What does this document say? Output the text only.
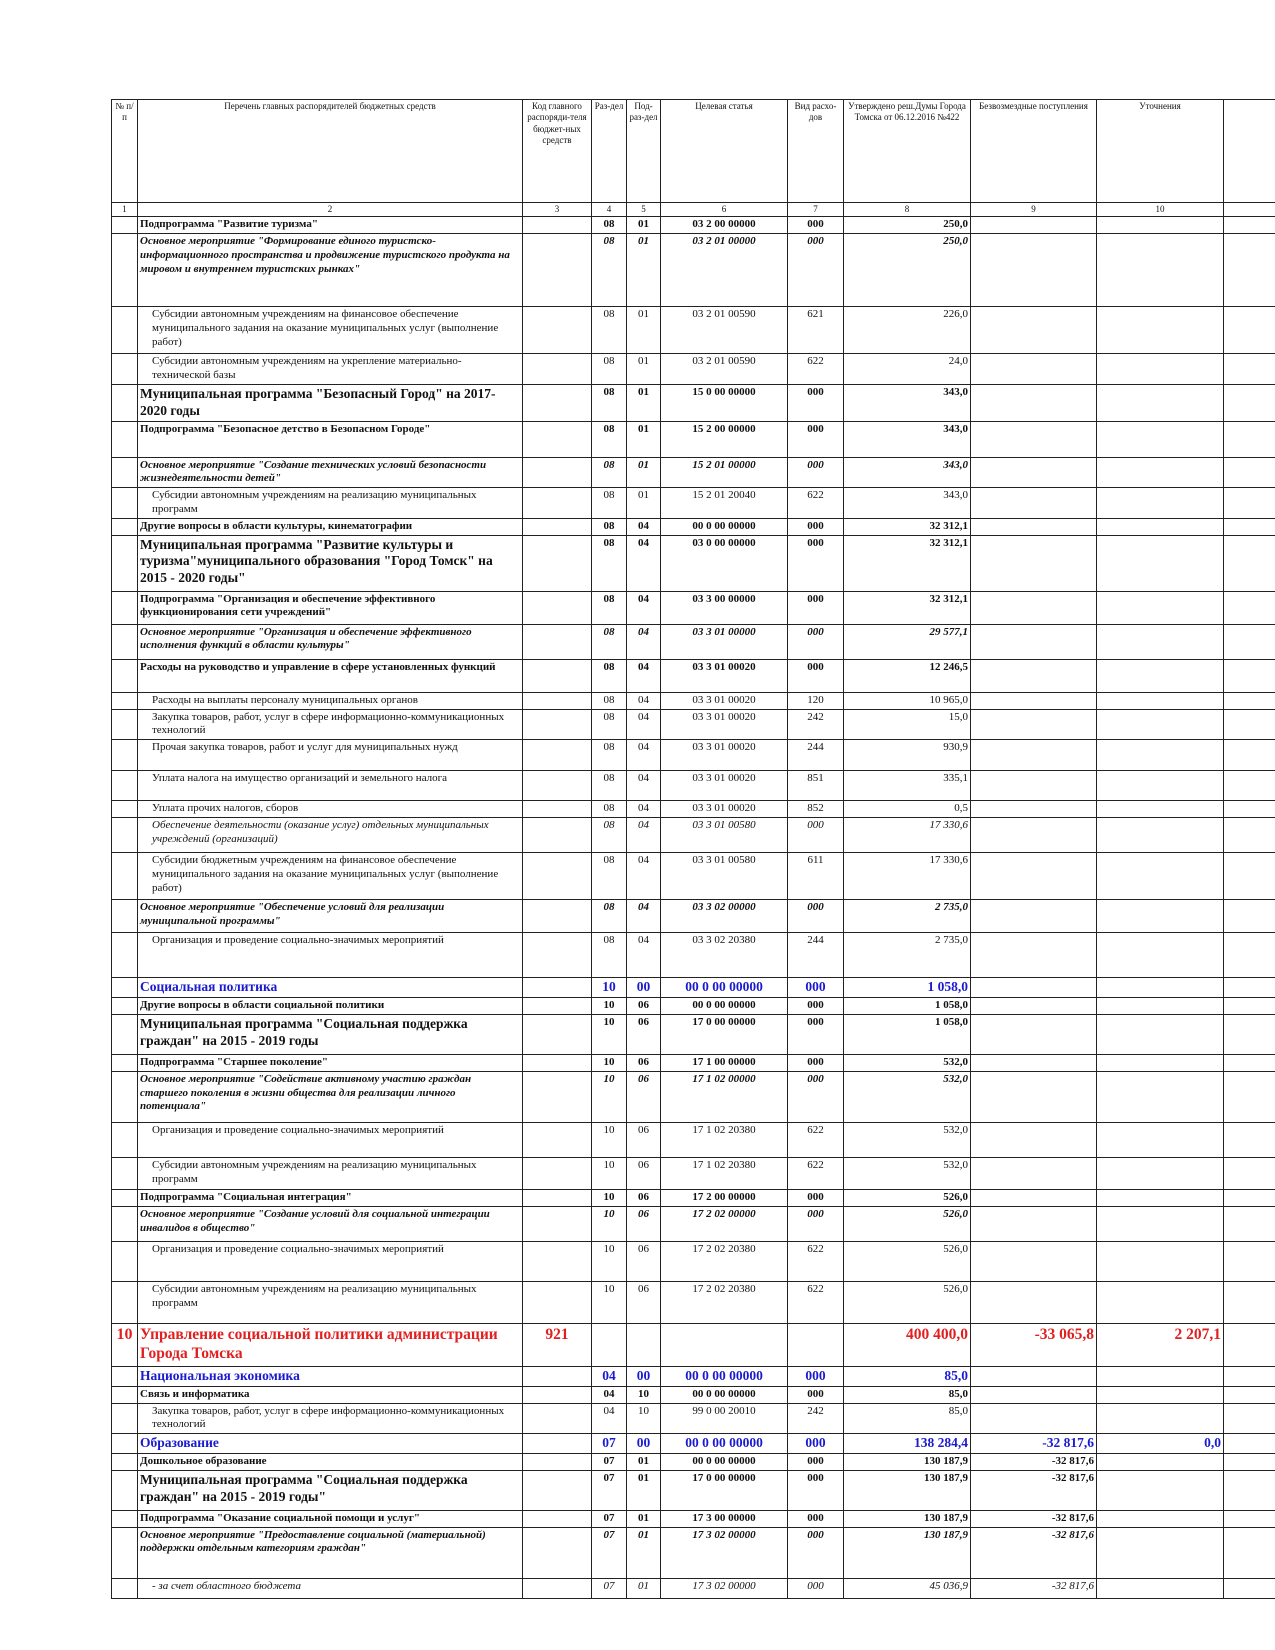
№ п/п	Перечень главных распорядителей бюджетных средств	Код главного распоряди-теля бюджет-ных средств	Раз-дел	Под-раз-дел	Целевая статья	Вид расхо-дов	Утверждено реш.Думы Города Томска от 06.12.2016 №422	Безвозмездные поступления	Уточнения	
1	2	3	4	5	6	7	8	9	10	
	Подпрограмма "Развитие туризма"		08	01	03 2 00 00000	000	250,0			
	Основное мероприятие "Формирование единого туристско-информационного пространства и продвижение туристского продукта на мировом и внутреннем туристских рынках"		08	01	03 2 01 00000	000	250,0			
	Субсидии автономным учреждениям на финансовое обеспечение муниципального задания на оказание муниципальных услуг (выполнение работ)		08	01	03 2 01 00590	621	226,0			
	Субсидии автономным учреждениям на укрепление материально-технической базы		08	01	03 2 01 00590	622	24,0			
	Муниципальная программа "Безопасный Город" на 2017-2020 годы		08	01	15 0 00 00000	000	343,0			
	Подпрограмма "Безопасное детство в Безопасном Городе"		08	01	15 2 00 00000	000	343,0			
	Основное мероприятие "Создание технических условий безопасности жизнедеятельности детей"		08	01	15 2 01 00000	000	343,0			
	Субсидии автономным учреждениям на реализацию муниципальных программ		08	01	15 2 01 20040	622	343,0			
	Другие вопросы в области культуры, кинематографии		08	04	00 0 00 00000	000	32 312,1			
	Муниципальная программа "Развитие культуры и туризма"муниципального образования "Город Томск" на 2015 - 2020 годы"		08	04	03 0 00 00000	000	32 312,1			
	Подпрограмма "Организация и обеспечение эффективного функционирования сети учреждений"		08	04	03 3 00 00000	000	32 312,1			
	Основное мероприятие "Организация и обеспечение эффективного исполнения функций в области культуры"		08	04	03 3 01 00000	000	29 577,1			
	Расходы на руководство и управление в сфере установленных функций		08	04	03 3 01 00020	000	12 246,5			
	Расходы на выплаты персоналу муниципальных органов		08	04	03 3 01 00020	120	10 965,0			
	Закупка товаров, работ, услуг в сфере информационно-коммуникационных технологий		08	04	03 3 01 00020	242	15,0			
	Прочая закупка товаров, работ и услуг для муниципальных нужд		08	04	03 3 01 00020	244	930,9			
	Уплата налога на имущество организаций и земельного налога		08	04	03 3 01 00020	851	335,1			
	Уплата прочих налогов, сборов		08	04	03 3 01 00020	852	0,5			
	Обеспечение деятельности (оказание услуг) отдельных муниципальных учреждений (организаций)		08	04	03 3 01 00580	000	17 330,6			
	Субсидии бюджетным учреждениям на финансовое обеспечение муниципального задания на оказание муниципальных услуг (выполнение работ)		08	04	03 3 01 00580	611	17 330,6			
	Основное мероприятие "Обеспечение условий для реализации муниципальной программы"		08	04	03 3 02 00000	000	2 735,0			
	Организация и проведение социально-значимых мероприятий		08	04	03 3 02 20380	244	2 735,0			
	Социальная политика		10	00	00 0 00 00000	000	1 058,0			
	Другие вопросы в области социальной политики		10	06	00 0 00 00000	000	1 058,0			
	Муниципальная программа "Социальная поддержка граждан" на 2015 - 2019 годы		10	06	17 0 00 00000	000	1 058,0			
	Подпрограмма "Старшее поколение"		10	06	17 1 00 00000	000	532,0			
	Основное мероприятие "Содействие активному участию граждан старшего поколения в жизни общества для реализации личного потенциала"		10	06	17 1 02 00000	000	532,0			
	Организация и проведение социально-значимых мероприятий		10	06	17 1 02 20380	622	532,0			
	Субсидии автономным учреждениям на реализацию муниципальных программ		10	06	17 1 02 20380	622	532,0			
	Подпрограмма "Социальная интеграция"		10	06	17 2 00 00000	000	526,0			
	Основное мероприятие "Создание условий для социальной интеграции инвалидов в общество"		10	06	17 2 02 00000	000	526,0			
	Организация и проведение социально-значимых мероприятий		10	06	17 2 02 20380	622	526,0			
	Субсидии автономным учреждениям на реализацию муниципальных программ		10	06	17 2 02 20380	622	526,0			
10	Управление социальной политики администрации Города Томска	921					400 400,0	-33 065,8	2 207,1	
	Национальная экономика		04	00	00 0 00 00000	000	85,0			
	Связь и информатика		04	10	00 0 00 00000	000	85,0			
	Закупка товаров, работ, услуг в сфере информационно-коммуникационных технологий		04	10	99 0 00 20010	242	85,0			
	Образование		07	00	00 0 00 00000	000	138 284,4	-32 817,6	0,0	
	Дошкольное образование		07	01	00 0 00 00000	000	130 187,9	-32 817,6		
	Муниципальная программа "Социальная поддержка граждан" на 2015 - 2019 годы"		07	01	17 0 00 00000	000	130 187,9	-32 817,6		
	Подпрограмма "Оказание социальной помощи и услуг"		07	01	17 3 00 00000	000	130 187,9	-32 817,6		
	Основное мероприятие "Предоставление социальной (материальной) поддержки отдельным категориям граждан"		07	01	17 3 02 00000	000	130 187,9	-32 817,6		
	- за счет областного бюджета		07	01	17 3 02 00000	000	45 036,9	-32 817,6		
